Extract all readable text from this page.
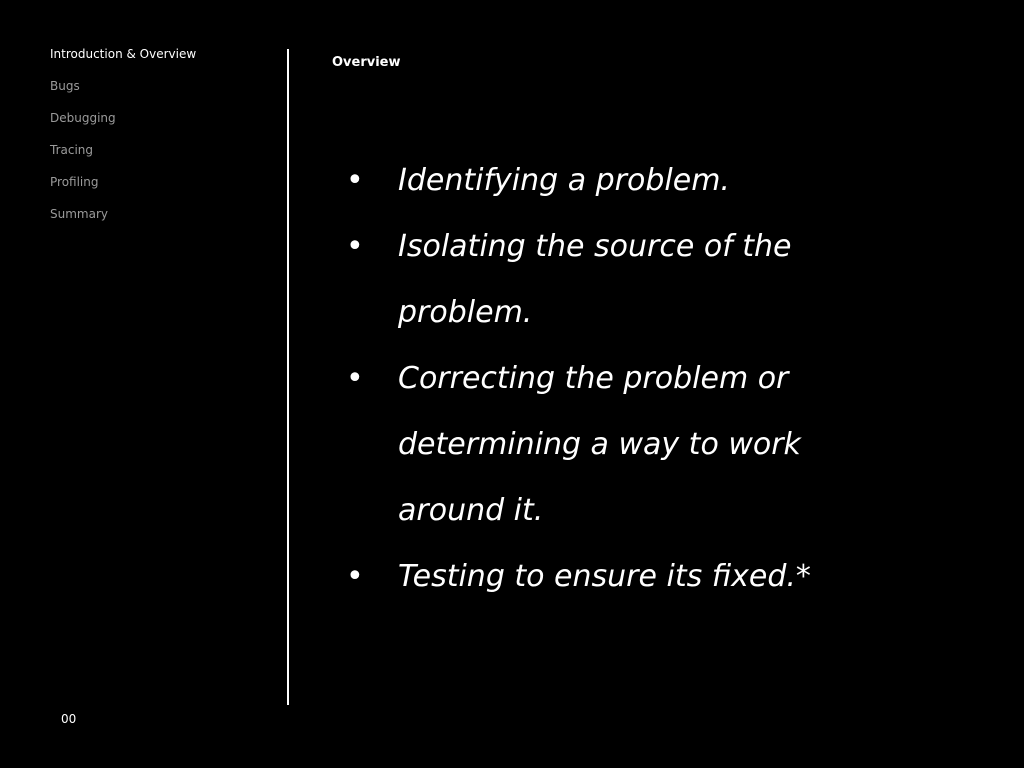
Introduction & Overview
Bugs
Debugging
Tracing
Profiling
Summary
00
Overview
• Identifying a problem.
• Isolating the source of the problem.
• Correcting the problem or determining a way to work around it.
• Testing to ensure its fixed.*
